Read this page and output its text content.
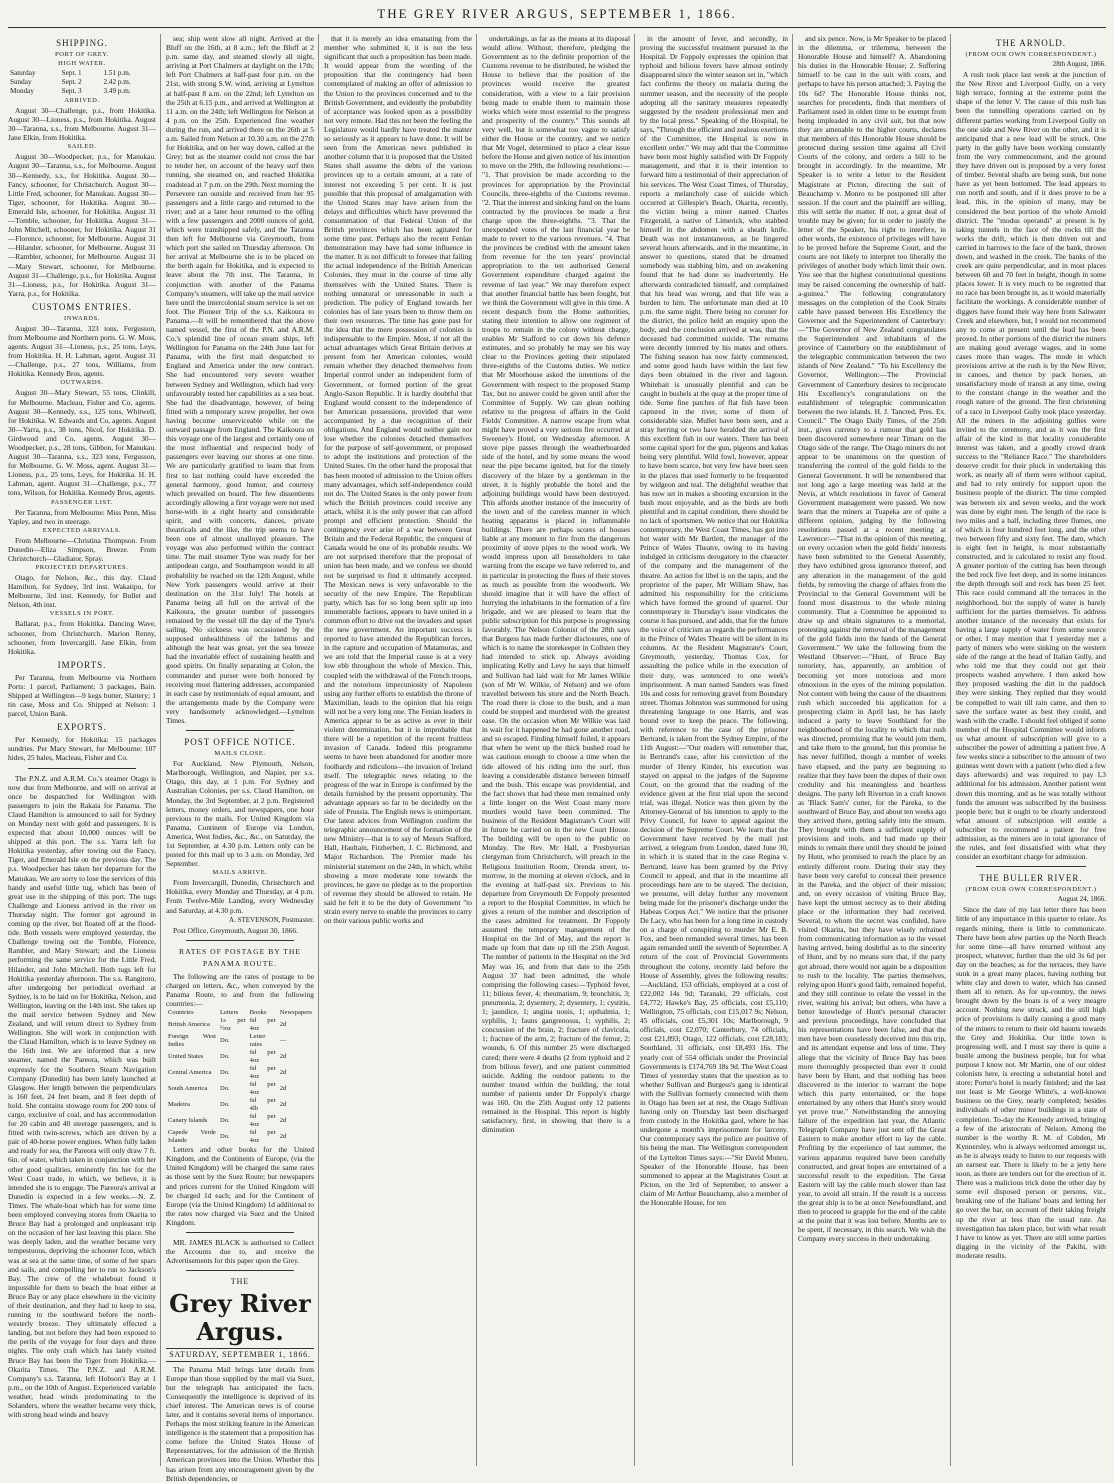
THE GREY RIVER ARGUS, SEPTEMBER 1, 1866.
SHIPPING.
PORT OF GREY.
HIGH WATER.
Saturday	Sept. 1	1.51 p.m.
Sunday	Sept. 2	2.42 p.m.
Monday	Sept. 3	3.49 p.m.
ARRIVED.

August 30—Challenge, p.s., from Hokitika. August 30—Lioness, p.s., from Hokitika. August 30—Taranna, s.s., from Melbourne. August 31—Jane Elkin, from Hokitika.

SAILED.

August 30—Woodpecker, p.s., for Manukau. August 30—Taranna, s.s., for Melbourne. August 30—Kennedy, s.s., for Hokitika. August 30—Fancy, schooner, for Christchurch. August 30—Little Fred, schooner, for Manukau. August 30—Tiger, schooner, for Hokitika. August 30—Emerald Isle, schooner, for Hokitika. August 31—Tomble, schooner, for Hokitika. August 31—John Mitchell, schooner, for Hokitika. August 31—Florence, schooner, for Melbourne. August 31—Hilander, schooner, for Melbourne. August 31—Rambler, schooner, for Melbourne. August 31—Mary Stewart, schooner, for Melbourne. August 31—Challenge, p.s., for Hokitika. August 31—Lioness, p.s., for Hokitika. August 31—Yarra, p.s., for Hokitika.

CUSTOMS ENTRIES.
INWARDS.

August 30—Taranna, 323 tons, Fergusson, from Melbourne and Northern ports. G. W. Moss, agents. August 31—Lioness, p.s., 25 tons, Leys, from Hokitika. H. H. Lahman, agent. August 31—Challenge, p.s., 27 tons, Williams, from Hokitika. Kennedy Bros, agents.

OUTWARDS.

August 30—Mary Stewart, 55 tons, Clinkill, for Melbourne. Macleau, Fisher and Co, agents. August 30—Kennedy, s.s., 125 tons, Whitwell, for Hokitika. W. Edwards and Co, agents. August 30—Yarra, p.s., 38 tons, Nicol, for Hokitika. D. Girdwood and Co, agents. August 30—Woodpecker, p.s., 28 tons, Gibbon, for Manukau. August 30—Taranna, s.s., 323 tons, Fergusson, for Melbourne. G. W. Moss, agent. August 31—Lioness, p.s., 25 tons, Leys, for Hokitika. H. H. Lahman, agent. August 31—Challenge, p.s., 77 tons, Wilson, for Hokitika. Kennedy Bros, agents.

PASSENGER LIST.

Per Taranna, from Melbourne: Miss Penn, Miss Yapley, and two in steerage.

EXPECTED ARRIVALS.

From Melbourne—Christina Thompson. From Dunedin—Eliza Simpson, Breeze. From Christchurch—Gladiator, Spray.

PROJECTED DEPARTURES.

Otago, for Nelson, &c., this day. Claud Hamilton, for Sydney, 3rd inst. Wakatipu, for Melbourne, 3rd inst. Kennedy, for Buller and Nelson, 4th inst.

VESSELS IN PORT.

Ballarat, p.s., from Hokitika. Dancing Wave, schooner, from Christchurch. Marion Renny, schooner, from Invercargill. Jane Elkin, from Hokitika.

IMPORTS.

Per Taranna, from Melbourne via Northern Ports: 1 parcel, Parliament; 3 packages, Bain. Shipped at Wellington—9 kegs butter, Slattery; 1 tin case, Moss and Co. Shipped at Nelson: 1 parcel, Union Bank.

EXPORTS.

Per Kennedy, for Hokitika: 15 packages sundries. Per Mary Stewart, for Melbourne: 107 hides, 25 bales, Macleau, Fisher and Co.

The P.N.Z. and A.R.M. Co.'s steamer Otago is now due from Melbourne, and will on arrival at once be despatched for Wellington with passengers to join the Rakaia for Panama. The Claud Hamilton is announced to sail for Sydney on Monday next with gold and passengers. It is expected that about 10,000 ounces will be shipped at this port. The s.s. Yarra left for Hokitika yesterday, after towing out the Fancy, Tiger, and Emerald Isle on the previous day. The p.s. Woodpecker has taken her departure for the Manukau. We are sorry to lose the services of this handy and useful little tug, which has been of great use in the shipping of this port. The tugs Challenge and Lioness arrived in the river on Thursday night. The former got aground in coming up the river, but floated off at the flood-tide. Both vessels were employed yesterday, the Challenge towing out the Tomble, Florence, Rambler, and Mary Stewart; and the Lioness performing the same service for the Little Fred, Hilander, and John Mitchell. Both tugs left for Hokitika yesterday afternoon. The s.s. Rangitoto, after undergoing her periodical overhaul at Sydney, is to be laid on for Hokitika, Nelson, and Wellington, leaving on the 14th inst. She takes up the mail service between Sydney and New Zealand, and will return direct to Sydney from Wellington. She will work in conjunction with the Claud Hamilton, which is to leave Sydney on the 16th inst. We are informed that a new steamer, named the Pareora, which was built expressly for the Southern Steam Navigation Company (Dunedin) has been lately launched at Glasgow. Her length between the perpendiculars is 160 feet, 24 feet beam, and 8 feet depth of hold. She contains stowage room for 200 tons of cargo, exclusive of coal, and has accommodation for 20 cabin and 40 steerage passengers, and is fitted with twin-screws, which are driven by a pair of 40-horse power engines. When fully laden and ready for sea, the Pareora will only draw 7 ft. 6in. of water, which taken in conjunction with her other good qualities, eminently fits her for the West Coast trade, in which, we believe, it is intended she is to engage. The Pareora's arrival at Dunedin is expected in a few weeks.—N. Z. Times. The whale-boat which has for some time been employed conveying stores from Okarita to Bruce Bay had a prolonged and unpleasant trip on the occasion of her last leaving this place. She was deeply laden, and the weather became very tempestuous, depriving the schooner Icon, which was at sea at the same time, of some of her spars and sails, and compelling her to run to Jackson's Bay. The crew of the whaleboat found it impossible for them to beach the boat either at Bruce Bay or any place elsewhere in the vicinity of their destination, and they had to keep to sea, running to the southward before the north-westerly breeze. They ultimately effected a landing, but not before they had been exposed to the perils of the voyage for four days and three nights. The only craft which has lately visited Bruce Bay has been the Tiger from Hokitika.—Okarita Times. The P.N.Z. and A.R.M. Company's s.s. Taranna, left Hobson's Bay at 1 p.m., on the 10th of August. Experienced variable weather, head winds predominating to the Solanders, where the weather became very thick, with strong head winds and heavy

sea; ship went slow all night. Arrived at the Bluff on the 16th, at 8 a.m.; left the Bluff at 2 p.m. same day, and steamed slowly all night, arriving at Port Chalmers at daylight on the 17th; left Port Chalmers at half-past four p.m. on the 21st, with strong S.W. wind, arriving at Lyttelton at half-past 8 a.m. on the 22nd; left Lyttelton on the 25th at 6.15 p.m., and arrived at Wellington at 11 a.m. on the 24th; left Wellington for Nelson at 4 p.m. on the 25th. Experienced fine weather during the run, and arrived there on the 26th at 5 a.m. Sailed from Nelson at 10.30 a.m. on the 27th for Hokitika, and on her way down, called at the Grey; but as the steamer could not cross the bar to tender her, on account of the heavy surf then running, she steamed on, and reached Hokitika roadstead at 7 p.m. on the 29th. Next morning the Persevere ran outside and received from her 95 passengers and a little cargo and returned to the river; and at a later hour returned to the offing with a few passengers and 2000 ounces of gold, which were transhipped safely, and the Taranna then left for Melbourne via Greymouth, from which port she sailed on Thursday afternoon. On her arrival at Melbourne she is to be placed on the berth again for Hokitika, and is expected to leave about the 7th inst. The Taranna, in conjunction with another of the Panama Company's steamers, will take up the mail service here until the intercolonial steam service is set on foot. The Pioneer Trip of the s.s. Kaikoura to Panama.—It will be remembered that the above named vessel, the first of the P.N. and A.R.M. Co.'s splendid line of ocean steam ships, left Wellington for Panama on the 24th June last for Panama, with the first mail despatched to England and America under the new contract. She had encountered very severe weather between Sydney and Wellington, which had very unfavourably tested her capabilities as a sea boat. She had the disadvantage, however, of being fitted with a temporary screw propeller, her own having become unserviceable while on the outward passage from England. The Kaikoura on this voyage one of the largest and certainly one of the most influential and respected body of passengers ever leaving our shores at one time. We are particularly gratified to learn that from first to last nothing could have exceeded the general harmony, good humor, and courtesy which prevailed on board. The few dissentients accordingly allowing a first voyage were not used horse-with in a right hearty and considerable spirit, and with concerts, dances, private theatricals and the like, the trip seems to have been one of almost unalloyed pleasure. The voyage was also performed within the contract time. The mail steamer Tyne was ready for her antipodean cargo, and Southampton would in all probability be reached on the 12th August, while New York passengers would arrive at their destination on the 31st July! The hotels at Panama being all full on the arrival of the Kaikoura, the greater number of passengers remained by the vessel till the day of the Tyne's sailing. No sickness was occasioned by the supposed unhealthiness of the Isthmus and although the heat was great, yet the sea breeze had the invariable effect of sustaining health and good spirits. On finally separating at Colon, the commander and purser were both honored by receiving most flattering addresses, accompanied in each case by testimonials of equal amount, and the arrangements made by the Company were very handsomely acknowledged.—Lyttelton Times.

POST OFFICE NOTICE.
MAILS CLOSE.

For Auckland, New Plymouth, Nelson, Marlborough, Wellington, and Napier, per s.s. Otago, this day, at 1 p.m. For Sydney and Australian Colonies, per s.s. Claud Hamilton, on Monday, the 3rd September, at 2 p.m. Registered letters, money orders, and newspapers, one hour previous to the mails. For United Kingdom via Panama, Continent of Europe via London, America, West Indies, &c., &c., on Saturday, the 1st September, at 4.30 p.m. Letters only can be posted for this mail up to 3 a.m. on Monday, 3rd September.

MAILS ARRIVE.

From Invercargill, Dunedin, Christchurch and Hokitika, every Monday and Thursday, at 4 p.m. From Twelve-Mile Landing, every Wednesday and Saturday, at 4.30 p.m.

A. STEVENSON, Postmaster.

Post Office, Greymouth, August 30, 1866.

RATES OF POSTAGE BY THE PANAMA ROUTE.

The following are the rates of postage to be charged on letters, &c., when conveyed by the Panama Route, to and from the following countries:—

Countries	Letters	Books	Newspapers
British America	1s per ½oz	6d per 4oz	2d
Foreign West Indies	Do.	Letter rates	—
United States	Do.	6d per 4oz	2d
Central America	Do.	6d per 4oz	2d
South America	Do.	6d per 4oz	2d
Madeira	Do.	6d per 4lb	2d
Canary Islands	Do.	6d per 4oz	2d
Capede Verde Islands	Do.	6d per 4oz	2d

Letters and other books for the United Kingdom, and the Continents of Europe, (via the United Kingdom) will be charged the same rates as those sent by the Suez Route; but newspapers and prices current for the United Kingdom will be charged 1d each; and for the Continent of Europe (via the United Kingdom) 1d additional to the rates now charged via Suez and the United Kingdom.

MR. JAMES BLACK is authorised to Collect the Accounts due to, and receive the Advertisements for this paper upon the Grey.

THE
Grey River Argus.
SATURDAY, SEPTEMBER 1, 1866.

The Panama Mail brings later details from Europe than those supplied by the mail via Suez, but the telegraph has anticipated the facts. Consequently the intelligence is deprived of its chief interest. The American news is of course later, and it contains several items of importance. Perhaps the most striking feature in the American intelligence is the statement that a proposition has come before the United States House of Representatives, for the admission of the British American provinces into the Union. Whether this has arisen from any encouragement given by the British dependencies, or

that it is merely an idea emanating from the member who submitted it, it is not the less significant that such a proposition has been made. It would appear from the wording of the proposition that the contingency had been contemplated of making an offer of admission to the Union to the provinces concerned and to the British Government, and evidently the probability of acceptance was looked upon as a possibility not very remote. Had this not been the feeling the Legislature would hardly have treated the matter so seriously as it appears to have done. It will be seen from the American news published in another column that it is proposed that the United States shall assume the debts of the various provinces up to a certain amount, at a rate of interest not exceeding 5 per cent. It is just possible that this proposal of amalgamation with the United States may have arisen from the delays and difficulties which have prevented the consummation of that Federal Union of the British provinces which has been agitated for some time past. Perhaps also the recent Fenian demonstration may have had some influence in the matter. It is not difficult to foresee that failing the actual independence of the British American Colonies, they must in the course of time ally themselves with the United States. There is nothing unnatural or unreasonable in such a prediction. The policy of England towards her colonies has of late years been to throw them on their own resources. The time has gone past for the idea that the mere possession of colonies is indispensable to the Empire. Most, if not all the actual advantages which Great Britain derives at present from her American colonies, would remain whether they detached themselves from Imperial control under an independent form of Government, or formed portion of the great Anglo-Saxon Republic. It is hardly doubtful that England would consent to the independence of her American possessions, provided that were accompanied by a due recognition of their obligations. And England would neither gain nor lose whether the colonies detached themselves for the purpose of self-government, or proposed to adopt the institutions and protection of the United States. On the other hand the proposal that has been mooted of admission to the Union offers many advantages, which self-independence could not do. The United States is the only power from which the British provinces could receive any attack, whilst it is the only power that can afford prompt and efficient protection. Should the contingency ever arise of a war between Great Britain and the Federal Republic, the conquest of Canada would be one of its probable results. We are not surprised therefore that the proposal of union has been made, and we confess we should not be surprised to find it ultimately accepted. The Mexican news is very unfavorable to the security of the new Empire. The Republican party, which has for so long been split up into innumerable factions, appears to have united in a common effort to drive out the invaders and upset the new government. An important success is reported to have attended the Republican forces, in the capture and occupation of Matamoras, and we are told that the Imperial cause is at a very low ebb throughout the whole of Mexico. This, coupled with the withdrawal of the French troops, and the notorious impecuniosity of Napoleon using any further efforts to establish the throne of Maximilian, leads to the opinion that his reign will not be a very long one. The Fenian leaders in America appear to be as active as ever in their violent determination, but it is improbable that there will be a repetition of the recent fruitless invasion of Canada. Indeed this programme seems to have been abandoned for another more foolhardy and ridiculous—the invasion of Ireland itself. The telegraphic news relating to the progress of the war in Europe is confirmed by the details furnished by the present opportunity. The advantage appears so far to be decidedly on the side of Prussia. The English news is unimportant. Our latest advices from Wellington confirm the telegraphic announcement of the formation of the new Ministry—that is to say of Messrs Stafford, Hall, Haultain, Fitzherbert, J. C. Richmond, and Major Richardson. The Premier made his ministerial statement on the 24th, in which, whilst showing a more moderate tone towards the provinces, he gave no pledge as to the proportion of revenue they should be allowed to retain. He said he felt it to be the duty of Government "to strain every nerve to enable the provinces to carry on their various public works and

undertakings, as far as the means at its disposal would allow. Without, therefore, pledging the Government as to the definite proportion of the Customs revenue to be distributed, he wished the House to believe that the position of the provinces would receive the greatest consideration, with a view to a fair provision being made to enable them to maintain those works which were most essential to the progress and prosperity of the country." This sounds all very well, but is somewhat too vague to satisfy either the House or the country, and we notice that Mr Vogel, determined to place a clear issue before the House and given notice of his intention to move on the 29th, the following resolutions:— "1. That provision be made according to the provinces for appropriation by the Provincial Councils, three-eighths of the Customs revenue. "2. That the interest and sinking fund on the loans contracted by the provinces be made a first charge upon the three-eighths. "3. That the unexpended votes of the last financial year be made to revert to the various revenues. "4. That the provinces be credited with the amount taken from revenue for the ten years' provincial appropriation to the ten authorised General Government expenditure charged against the revenue of last year." We may therefore expect that another financial battle has been fought, but we think the Government will give in this time. A recent despatch from the Home authorities, stating their intention to allow one regiment of troops to remain in the colony without charge, enables Mr Stafford to cut down his defence estimates, and so probably he may see his way clear to the Provinces getting their stipulated three-eighths of the Customs duties. We notice that Mr Moorhouse asked the intentions of the Government with respect to the proposed Stamp Tax, but no answer could be given until after the Committee of Supply. We can glean nothing relative to the progress of affairs in the Gold Fields' Committee. A narrow escape from what might have proved a very serious fire occurred at Sweeney's Hotel, on Wednesday afternoon. A stove pipe passes through the weatherboarded side of the hotel, and by some means the wood near the pipe became ignited, but for the timely discovery of the blaze by a gentleman in the street, it is highly probable the hotel and the adjoining buildings would have been destroyed. This affords another instance of the insecurity of the town and of the careless manner in which heating apparatus is placed in inflammable buildings. There are perhaps scores of houses liable at any moment to fire from the dangerous proximity of stove pipes to the wood work. We would impress upon all householders to take warning from the escape we have referred to, and in particular in protecting the flues of their stoves as much as possible from the woodwork. We should imagine that it will have the effect of hurrying the inhabitants in the formation of a fire brigade, and we are pleased to learn that the public subscription for this purpose is progressing favorably. The Nelson Colonist of the 28th says that Burgess has made further disclosures, one of which is to name the storekeeper in Collsten they had intended to stick up. Always avoiding implicating Kelly and Levy he says that himself and Sullivan had laid wait for Mr James Wilkie (son of Mr W. Wilkie, of Nelson) and we often travelled between his store and the North Beach. The road there is close to the bush, and a man could be stopped and murdered with the greatest ease. On the occasion when Mr Wilkie was laid in wait for it happened he had gone another road, and so escaped. Finding himself foiled, it appears that when he went up the thick bushed road he was cautious enough to choose a time when the tide allowed of his riding into the surf, thus leaving a considerable distance between himself and the bush. This escape was providential, and the fact shows that had these men remained only a little longer on the West Coast many more murders would have been committed. The business of the Resident Magistrate's Court will in future be carried on in the new Court House. The building will be open to the public on Monday. The Rev. Mr Hall, a Presbyterian clergyman from Christchurch, will preach in the Religious Institution Room, Orenda street, to-morrow, in the morning at eleven o'clock, and in the evening at half-past six. Previous to his departure from Greymouth Dr Foppoly presented a report to the Hospital Committee, in which he gives a return of the number and description of the cases admitted for treatment. Dr Foppoly assumed the temporary management of the Hospital on the 3rd of May, and the report is made up from that date up till the 25th August. The number of patients in the Hospital on the 3rd May was 16, and from that date to the 25th August 37 had been admitted, the whole comprising the following cases:—Typhoid fever, 11; bilious fever, 4; rheumatism, 9; bronchitis, 3; pneumonia, 2; dysentery, 2; dysentery, 1; cystitis, 1; jaundice, 1; angina nonis, 1; opthalmia, 1; syphilis, 1; fauns gangrenosus, 1; syphilis, 2; concussion of the brain, 2; fracture of clavicula, 1; fracture of the arm, 2; fracture of the femur, 2; wounds, 6. Of this number 25 were discharged cured; there were 4 deaths (2 from typhoid and 2 from bilious fever), and one patient committed suicide. Adding the outdoor patients to the number treated within the building, the total number of patients under Dr Foppoly's charge was 160. On the 25th August only 12 patients remained in the Hospital. This report is highly satisfactory, first, in showing that there is a diminution

in the amount of fever, and secondly, in proving the successful treatment pursued in the Hospital. Dr Foppoly expresses the opinion that typhoid and bilious fevers have almost entirely disappeared since the winter season set in, "which fact confirms the theory on malaria during the summer season, and the necessity of the people adopting all the sanitary measures repeatedly suggested by the resident professional men and by the local press." Speaking of the Hospital, he says, "Through the efficient and zealous exertions of the Committee, the Hospital is now in excellent order." We may add that the Committee have been most highly satisfied with Dr Foppoly management, and that it is their intention to forward him a testimonial of their appreciation of his services. The West Coast Times, of Thursday, reports a melancholy case of suicide which occurred at Gillespie's Beach, Okarita, recently, the victim being a miner named Charles Fitzgerald, a native of Limerick, who stabbed himself in the abdomen with a sheath knife. Death was not instantaneous, as he lingered several hours afterwards, and in the meantime, in answer to questions, stated that he dreamed somebody was stabbing him, and on awakening found that he had done so inadvertently. He afterwards contradicted himself, and complained that his head was wrong, and that life was a burden to him. The unfortunate man died at 10 p.m. the same night. There being no coroner for the district, the police held an enquiry upon the body, and the conclusion arrived at was, that the deceased had committed suicide. The remains were decently interred by his mates and others. The fishing season has now fairly commenced, and some good hauls have within the last few days been obtained in the river and lagoon. Whitebait is unusually plentiful and can be caught in bushels at the quay at the proper time of tide. Some fine patches of flat fish have been captured in the river, some of them of considerable size. Mullet have been seen, and a stray herring or two have heralded the arrival of this excellent fish in our waters. There has been some capital sport for the gun, pigeons and kakas being very plentiful. Wild fowl, however, appear to have been scarce, but very few have been seen in the places that used formerly to be frequented by widgeon and teal. The delightful weather that has now set in makes a shooting excursion in the bush most enjoyable, and as the birds are both plentiful and in capital condition, there should be no lack of sportsmen. We notice that our Hokitika contemporary, the West Coast Times, has got into hot water with Mr Bartlett, the manager of the Prince of Wales Theatre, owing to its having indulged in criticisms derogatory to the character of the company and the management of the theatre. An action for libel is on the tapis, and the proprietor of the paper, Mr William Shaw, has admitted his responsibility for the criticisms which have formed the ground of quarrel. Our contemporary in Thursday's issue vindicates the course it has pursued, and adds, that for the future the voice of criticism as regards the performances in the Prince of Wales Theatre will be silent in its columns. At the Resident Magistrate's Court, Greymouth, yesterday, Thomas Cox, for assaulting the police while in the execution of their duty, was sentenced to one week's imprisonment. A man named Sanders was fined 10s and costs for removing gravel from Boundary street. Thomas Johnston was summoned for using threatening language to one Harris, and was bound over to keep the peace. The following, with reference to the case of the prisoner Bertrand, is taken from the Sydney Empire, of the 11th August:—"Our readers will remember that, in Bertrand's case, after his conviction of the murder of Henry Kinder, his execution was stayed on appeal to the judges of the Supreme Court, on the ground that the reading of the evidence given at the first trial upon the second trial, was illegal. Notice was then given by the Attorney-General of his intention to apply to the Privy Council, for leave to appeal against the decision of the Supreme Court. We learn that the Government have received by the mail just arrived, a telegram from London, dated June 30, in which it is stated that in the case Regina v. Bertrand, leave has been granted by the Privy Council to appeal, and that in the meantime all proceedings here are to be stayed. The decision, we presume, will delay further any movement being made for the prisoner's discharge under the Habeas Corpus Act." We notice that the prisoner De Lacy, who has been for a long time in custody on a charge of conspiring to murder Mr E. B. Fox, and been remanded several times, has been again remanded until the seventh of September. A return of the cost of Provincial Governments throughout the colony, recently laid before the House of Assembly, gives the following results:—Auckland, 153 officials, employed at a cost of £22,002 14s 9d; Taranaki, 29 officials, cost £4,772; Hawke's Bay, 25 officials, cost £5,110; Wellington, 75 officials, cost £15,017 9s; Nelson, 45 officials, cost £5,301 10s; Marlborough, 9 officials, cost £2,070; Canterbury, 74 officials, cost £21,893; Otago, 122 officials, cost £28,183; Southland, 31 officials, cost £8,493 16s. The yearly cost of 554 officials under the Provincial Governments is £174,769 18s 9d. The West Coast Times of yesterday states that the question as to whether Sullivan and Burgess's gang is identical with the Sullivan formerly connected with them in Otago has been set at rest, the Otago Sullivan having only on Thursday last been discharged from custody in the Hokitika gaol, where he has undergone a month's imprisonment for larceny. Our contemporary says the police are positive of his being the man. The Wellington correspondent of the Lyttelton Times says:—"Sir David Monro, Speaker of the Honorable House, has been summoned to appear at the Magistrates Court at Picton, on the 3rd of September, to answer a claim of Mr Arthur Beauchamp, also a member of the Honorable House, for ten

and six pence. Now, is Mr Speaker to be placed in the dilemma, or trilemma, between the Honorable House and himself? A. Abandoning his duties in the Honorable House; 2. Suffering himself to be cast in the suit with costs, and perhaps to have his person attached; 3. Paying the 10s 6d? The Honorable House thinks not, searches for precedents, finds that members of Parliament used in olden time to be exempt from being impleaded in any civil suit, but that now they are amenable to the higher courts, declares that members of this Honorable House should be protected during session time against all Civil Courts of the colony, and orders a bill to be brought in accordingly. In the meantime, Mr Speaker is to write a letter to the Resident Magistrate at Picton, directing the suit of Beauchamp v. Monro to be postponed till after session. If the court and the plaintiff are willing, this will settle the matter. If not, a great deal of trouble may be given; for in order to justify the letter of the Speaker, his right to interfere, in other words, the existence of privileges will have to be proved before the Supreme Court, and the courts are not likely to interpret too liberally the privileges of another body which limit their own. You see that the highest constitutional questions may be raised concerning the ownership of half-a-guinea." The following congratulatory messages on the completion of the Cook Straits cable have passed between His Excellency the Governor and the Superintendent of Canterbury:—"The Governor of New Zealand congratulates the Superintendent and inhabitants of the province of Canterbury on the establishment of the telegraphic communication between the two islands of New Zealand." "To his Excellency the Governor, Wellington:—The Provincial Government of Canterbury desires to reciprocate His Excellency's congratulations on the establishment of telegraphic communication between the two islands. H. J. Tancred, Pres. Ex. Council." The Otago Daily Times, of the 25th inst., gives currency to a rumour that gold has been discovered somewhere near Timaru on the Otago side of the range. The Otago miners do not appear to be unanimous on the question of transferring the control of the gold fields to the General Government. It will be remembered that not long ago a large meeting was held at the Nevis, at which resolutions in favor of General Government management were passed. We now learn that the miners at Tuapeka are of quite a different opinion, judging by the following resolutions passed at a recent meeting at Lawrence:—"That in the opinion of this meeting, on every occasion when the gold fields' interests have been submitted to the General Assembly, they have exhibited gross ignorance thereof, and any alteration in the management of the gold fields, by removing the charge of affairs from the Provincial to the General Government will be found most disastrous to the whole mining community. That a Committee be appointed to draw up and obtain signatures to a memorial, protesting against the removal of the management of the gold fields into the hands of the General Government." We take the following from the Westland Observer:—"Hunt, of Bruce Bay notoriety, has, apparently, an ambition of becoming yet more notorious and more obnoxious in the eyes of the mining population. Not content with being the cause of the disastrous rush which succeeded his application for a prospecting claim in April last, he has lately induced a party to leave Southland for the neighbourhood of the locality to which that rush was directed, promising that he would join them, and take them to the ground, but this promise he has never fulfilled, though a number of weeks have elapsed, and the party are beginning to realize that they have been the dupes of their own credulity and his meaningless and heartless designs. The party left Riverton in a craft known as 'Black Sam's' cutter, for the Pareka, to the southward of Bruce Bay, and about ten weeks ago they arrived there, getting safely into the stream. They brought with them a sufficient supply of provisions and tools, and had made up their minds to remain there until they should be joined by Hunt, who promised to reach the place by an entirely different route. During their stay they have been very careful to conceal their presence in the Pareka, and the object of their mission; and, on every occasion of visiting Bruce Bay, have kept the utmost secrecy as to their abiding place or the information they had received. Several, to whom the secret was confided, have visited Okarita, but they have wisely refrained from communicating information as to the vessel having arrived, being doubtful as to the sincerity of Hunt, and by no means sure that, if the party got abroad, there would not again be a disposition to rush to the locality. The parties themselves, relying upon Hunt's good faith, remained hopeful, and they still continue to relate the vessel in the river, waiting his arrival; but others, who have a better knowledge of Hunt's personal character and previous proceedings, have concluded that his representations have been false, and that the men have been ceaselessly deceived into this trip, and its attendant expense and loss of time. They allege that the vicinity of Bruce Bay has been more thoroughly prospected than ever it could have been by Hunt, and that nothing has been discovered in the interior to warrant the hope which this party entertained, or the hope entertained by any others that Hunt's story would yet prove true." Notwithstanding the annoying failure of the expedition last year, the Atlantic Telegraph Company have just sent off the Great Eastern to make another effort to lay the cable. Profiting by the experience of last summer, the various apparatus required have been carefully constructed, and great hopes are entertained of a successful result to the expedition. The Great Eastern will lay the cable much slower than last year, to avoid all strain. If the result is a success the great ship is to be at once Newfoundland, and then to proceed to grapple for the end of the cable at the point that it was lost before. Months are to be spent, if necessary, in this search. We wish the Company every success in their undertaking.

THE ARNOLD.
(FROM OUR OWN CORRESPONDENT.)
28th August, 1866.

A rush took place last week at the junction of the New River and Liverpool Gully, on a very high terrace, forming at the extreme point the shape of the letter V. The cause of this rush has been the tunnelling operations carried on by different parties working from Liverpool Gully on the one side and New River on the other, and it is anticipated that a new lead will be struck. One party in the gully have been working constantly from the very commencement, and the ground they have driven out is proposed by a very forest of timber. Several shafts are being sunk, but none have as yet been bottomed. The lead appears to run north and south, and if it does prove to be a lead, this, in the opinion of many, may be considered the best portion of the whole Arnold district. The "modus operandi" at present is by taking tunnels in the face of the rocks till the works the drift, which is then driven out and carried in barrows to the face of the bank, thrown down, and washed in the creek. The banks of the creek are quite perpendicular, and in most places between 60 and 70 feet in height, though in some places lower. It is very much to be regretted that no race has been brought in, as it would materially facilitate the workings. A considerable number of diggers have found their way here from Saltwater Creek and elsewhere, but, I would not recommend any to come at present until the lead has been proved. In other portions of the district the miners are making good average wages, and in some cases more than wages. The mode in which provisions arrive at the rush is by the New River, in canoes, and thence by pack horses, an unsatisfactory mode of transit at any time, owing to the constant change in the weather and the rough nature of the ground. The first christening of a race in Liverpool Gully took place yesterday. All the miners in the adjoining gullies were invited to the ceremony, and as it was the first affair of the kind in that locality considerable interest was taken, and a goodly crowd drank success to the "Reliance Race." The shareholders deserve credit for their pluck in undertaking this work, as nearly all of them were without capital, and had to rely entirely for support upon the business people of the district. The time compled was between six and seven weeks, and the work was done by eight men. The length of the race is two miles and a half, including three flumes, one of which is four hundred feet long, and the other two between fifty and sixty feet. The dam, which is eight feet in height, is most substantially constructed, and is calculated to resist any flood. A greater portion of the cutting has been through the bed rock five feet deep, and in some instances the depth through soil and rock has been 25 feet. This race could command all the terraces in the neighborhood, but the supply of water is barely sufficient for the parties themselves. To address another instance of the necessity that exists for having a large supply of water from some source or other, I may mention that I yesterday met a party of miners who were sinking on the western side of the range at the head of Italian Gully, and who told me that they could not get their prospects washed anywhere. I then asked how they proposed washing the dirt in the paddock they were sinking. They replied that they would be compelled to wait till rain came, and then to save the surface water as best they could, and wash with the cradle. I should feel obliged if some member of the Hospital Committee would inform us what amount of subscription will give to a subscriber the power of admitting a patient free. A few weeks since a subscriber to the amount of two guineas went down with a patient (who died a few days afterwards) and was required to pay L3 additional for his admission. Another patient went down this morning, and as he was totally without funds the amount was subscribed by the business people here; but it ought to be clearly understood what amount of subscription will entitle a subscriber to recommend a patient for free admission, as the miners are in total ignorance of the rules, and feel dissatisfied with what they consider an exorbitant charge for admission.

THE BULLER RIVER.
(FROM OUR OWN CORRESPONDENT.)
August 24, 1866.

Since the date of my last letter there has been little of any importance in this quarter to relate. As regards mining, there is little to communicate. There have been afew parties up the North Beach for some time—all have returned without any prospect, whatever, further than the old 3s 6d per day on the beaches; as for the terraces, they have sunk in a great many places, having nothing but white clay and down to water, which has caused them all to return. As for up-country, the news brought down by the boats is of a very meagre account. Nothing new struck, and the still high price of provisions is daily causing a good many of the miners to return to their old haunts towards the Grey and Hokitika. Our little town is progressing well, and I must say there is quite a bustle among the business people, but for what purpose I know not. Mr Martin, one of our oldest colonists here, is erecting a substantial hotel and store; Porter's hotel is nearly finished; and the last not least is Mr George White's, a well-known business on the Grey, nearly completed; besides individuals of other minor buildings in a state of completion. To-day the Kennedy arrived, bringing a few of the aristocrats of Nelson. Among the number is the worthy R. M. of Cobden, Mr Kynnersley, who is always welcomed amongst us, as he is always ready to listen to our requests with an earnest ear. There is likely to be a jetty here soon, as there are tenders out for the erection of it. There was a malicious trick done the other day by some evil disposed person or persons, viz., breaking one of the Italians' boats and letting her go over the bar, on account of their taking freight up the river at less than the usual rate. An investigation has taken place, but with what result I have to know as yet. There are still some parties digging in the vicinity of the Pakihi, with moderate results.
